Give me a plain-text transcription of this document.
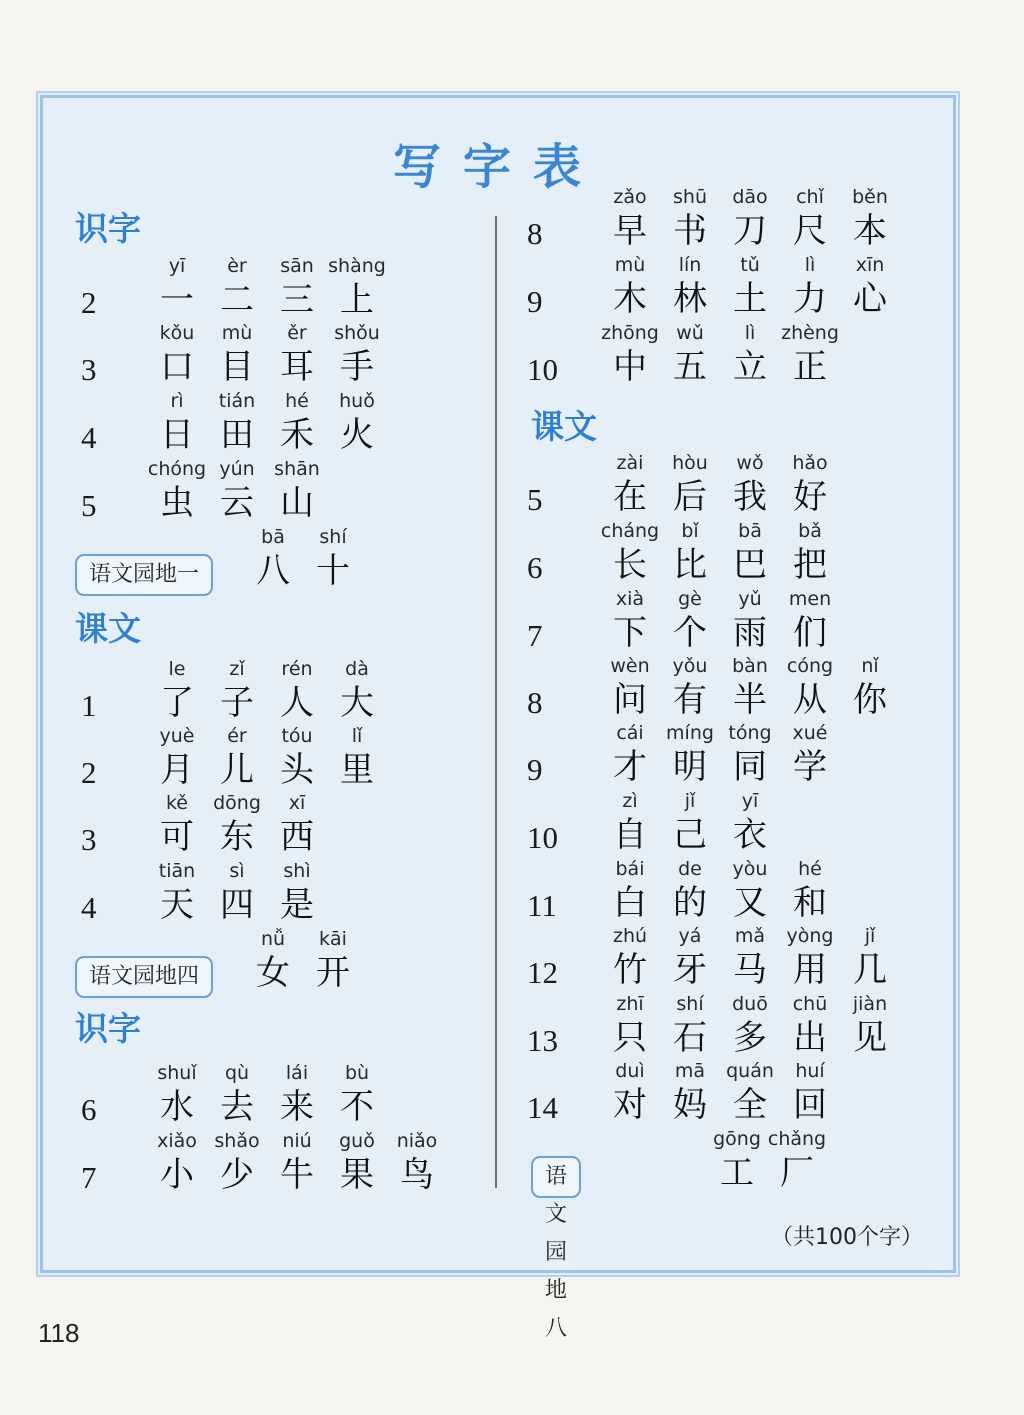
写字表
识字
2
yī
一
èr
二
sān
三
shàng
上
3
kǒu
口
mù
目
ěr
耳
shǒu
手
4
rì
日
tián
田
hé
禾
huǒ
火
5
chóng
虫
yún
云
shān
山
语文园地一
bā
八
shí
十
课文
1
le
了
zǐ
子
rén
人
dà
大
2
yuè
月
ér
儿
tóu
头
lǐ
里
3
kě
可
dōng
东
xī
西
4
tiān
天
sì
四
shì
是
语文园地四
nǚ
女
kāi
开
识字
6
shuǐ
水
qù
去
lái
来
bù
不
7
xiǎo
小
shǎo
少
niú
牛
guǒ
果
niǎo
鸟
8
zǎo
早
shū
书
dāo
刀
chǐ
尺
běn
本
9
mù
木
lín
林
tǔ
土
lì
力
xīn
心
10
zhōng
中
wǔ
五
lì
立
zhèng
正
课文
5
zài
在
hòu
后
wǒ
我
hǎo
好
6
cháng
长
bǐ
比
bā
巴
bǎ
把
7
xià
下
gè
个
yǔ
雨
men
们
8
wèn
问
yǒu
有
bàn
半
cóng
从
nǐ
你
9
cái
才
míng
明
tóng
同
xué
学
10
zì
自
jǐ
己
yī
衣
11
bái
白
de
的
yòu
又
hé
和
12
zhú
竹
yá
牙
mǎ
马
yòng
用
jǐ
几
13
zhī
只
shí
石
duō
多
chū
出
jiàn
见
14
duì
对
mā
妈
quán
全
huí
回
语文园地八
gōng
工
chǎng
厂
（共100个字）
118
